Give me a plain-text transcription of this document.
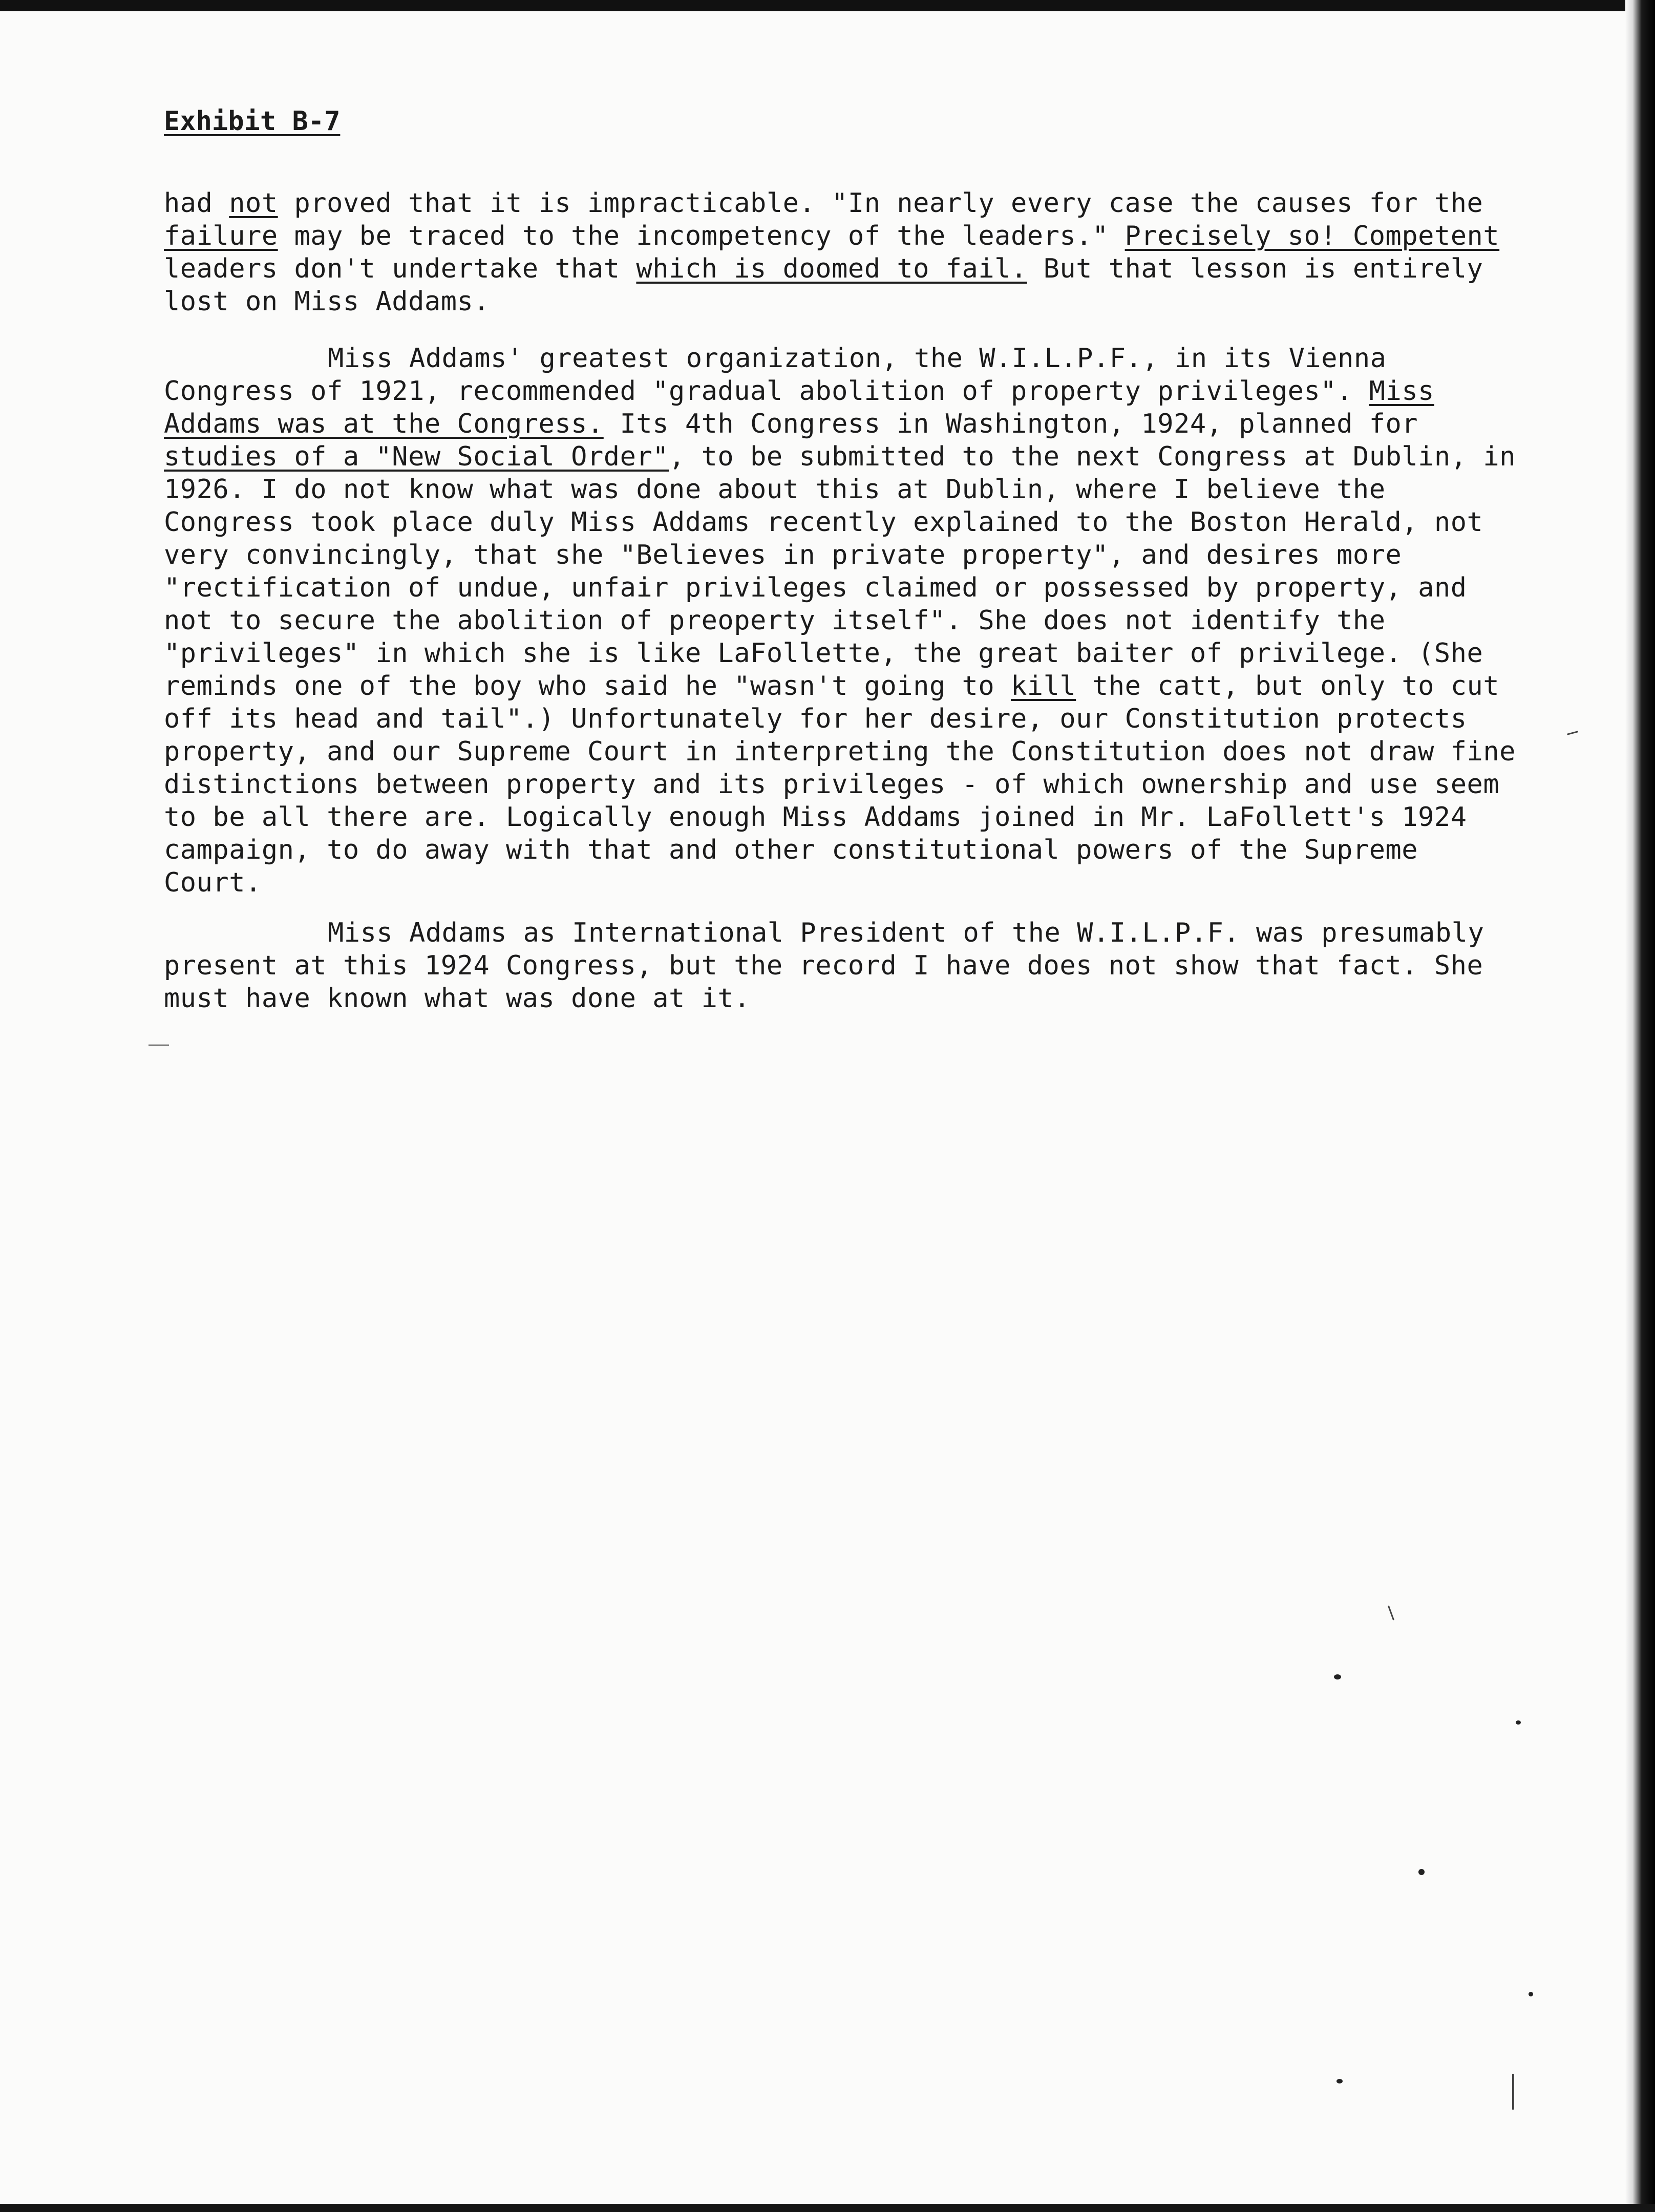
Exhibit B-7
had not proved that it is impracticable. "In nearly every case the causes for the failure may be traced to the incompetency of the leaders." Precisely so! Competent leaders don't undertake that which is doomed to fail. But that lesson is entirely lost on Miss Addams.
Miss Addams' greatest organization, the W.I.L.P.F., in its Vienna Congress of 1921, recommended "gradual abolition of property privileges". Miss Addams was at the Congress. Its 4th Congress in Washington, 1924, planned for studies of a "New Social Order", to be submitted to the next Congress at Dublin, in 1926. I do not know what was done about this at Dublin, where I believe the Congress took place duly Miss Addams recently explained to the Boston Herald, not very convincingly, that she "Believes in private property", and desires more "rectification of undue, unfair privileges claimed or possessed by property, and not to secure the abolition of preoperty itself". She does not identify the "privileges" in which she is like LaFollette, the great baiter of privilege. (She reminds one of the boy who said he "wasn't going to kill the catt, but only to cut off its head and tail".) Unfortunately for her desire, our Constitution protects property, and our Supreme Court in interpreting the Constitution does not draw fine distinctions between property and its privileges - of which ownership and use seem to be all there are. Logically enough Miss Addams joined in Mr. LaFollett's 1924 campaign, to do away with that and other constitutional powers of the Supreme Court.
Miss Addams as International President of the W.I.L.P.F. was presumably present at this 1924 Congress, but the record I have does not show that fact. She must have known what was done at it.
